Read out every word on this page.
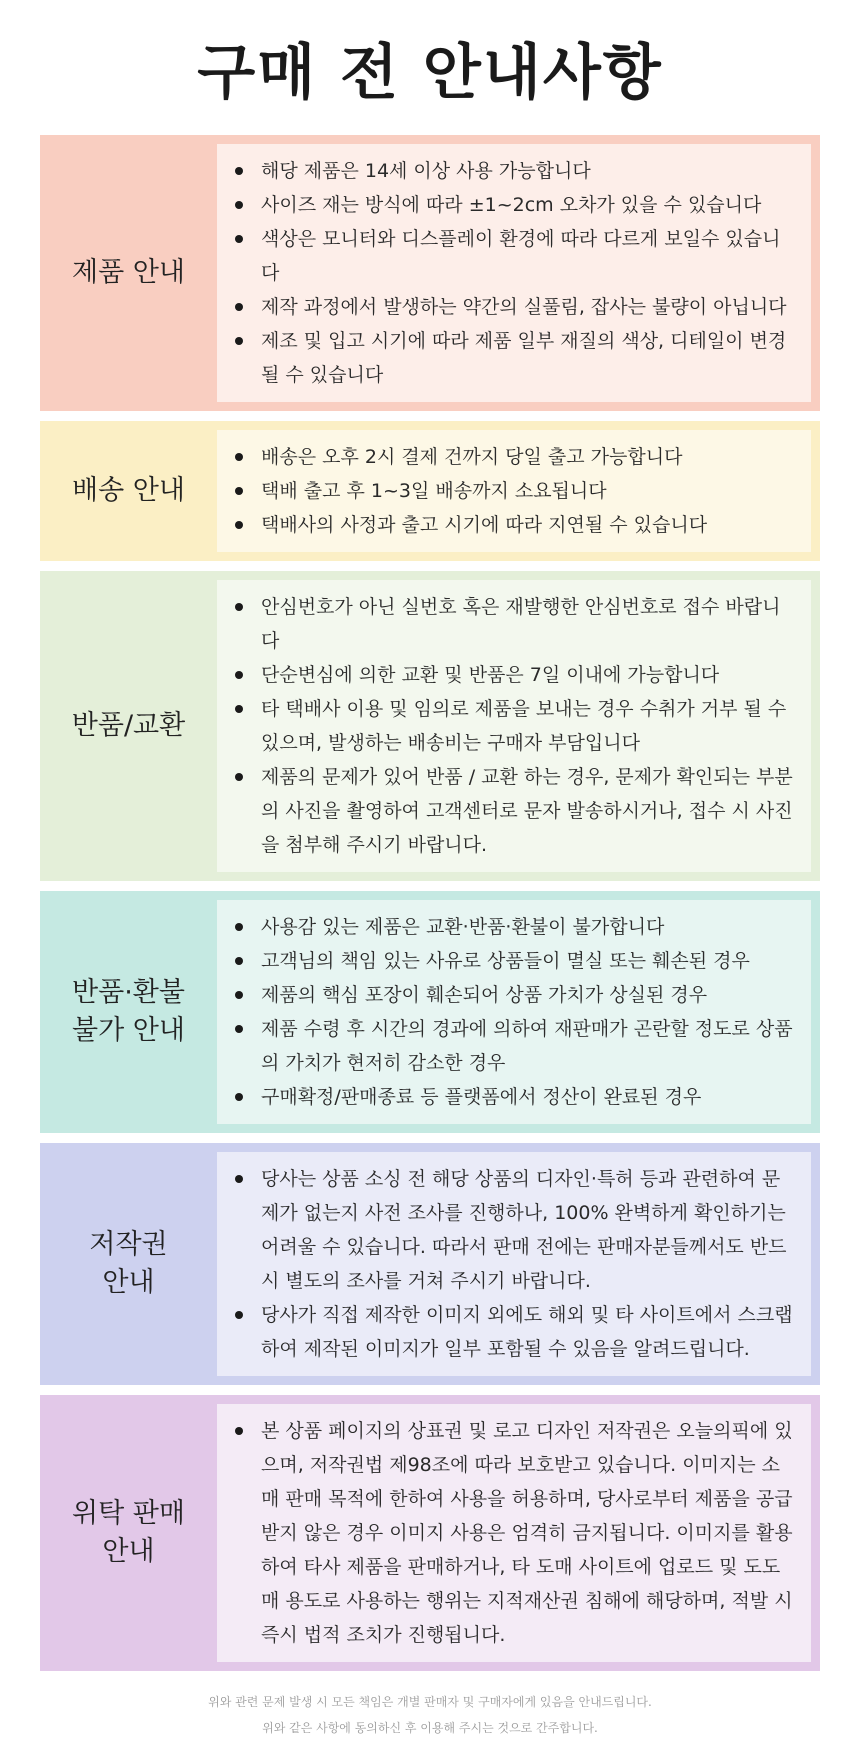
구매 전 안내사항
제품 안내
해당 제품은 14세 이상 사용 가능합니다
사이즈 재는 방식에 따라 ±1~2cm 오차가 있을 수 있습니다
색상은 모니터와 디스플레이 환경에 따라 다르게 보일수 있습니다
제작 과정에서 발생하는 약간의 실풀림, 잡사는 불량이 아닙니다
제조 및 입고 시기에 따라 제품 일부 재질의 색상, 디테일이 변경될 수 있습니다
배송 안내
배송은 오후 2시 결제 건까지 당일 출고 가능합니다
택배 출고 후 1~3일 배송까지 소요됩니다
택배사의 사정과 출고 시기에 따라 지연될 수 있습니다
반품/교환
안심번호가 아닌 실번호 혹은 재발행한 안심번호로 접수 바랍니다
단순변심에 의한 교환 및 반품은 7일 이내에 가능합니다
타 택배사 이용 및 임의로 제품을 보내는 경우 수취가 거부 될 수 있으며, 발생하는 배송비는 구매자 부담입니다
제품의 문제가 있어 반품 / 교환 하는 경우, 문제가 확인되는 부분의 사진을 촬영하여 고객센터로 문자 발송하시거나, 접수 시 사진을 첨부해 주시기 바랍니다.
반품·환불
불가 안내
사용감 있는 제품은 교환·반품·환불이 불가합니다
고객님의 책임 있는 사유로 상품들이 멸실 또는 훼손된 경우
제품의 핵심 포장이 훼손되어 상품 가치가 상실된 경우
제품 수령 후 시간의 경과에 의하여 재판매가 곤란할 정도로 상품의 가치가 현저히 감소한 경우
구매확정/판매종료 등 플랫폼에서 정산이 완료된 경우
저작권
안내
당사는 상품 소싱 전 해당 상품의 디자인·특허 등과 관련하여 문제가 없는지 사전 조사를 진행하나, 100% 완벽하게 확인하기는 어려울 수 있습니다. 따라서 판매 전에는 판매자분들께서도 반드시 별도의 조사를 거쳐 주시기 바랍니다.
당사가 직접 제작한 이미지 외에도 해외 및 타 사이트에서 스크랩하여 제작된 이미지가 일부 포함될 수 있음을 알려드립니다.
위탁 판매
안내
본 상품 페이지의 상표권 및 로고 디자인 저작권은 오늘의픽에 있으며, 저작권법 제98조에 따라 보호받고 있습니다. 이미지는 소매 판매 목적에 한하여 사용을 허용하며, 당사로부터 제품을 공급받지 않은 경우 이미지 사용은 엄격히 금지됩니다. 이미지를 활용하여 타사 제품을 판매하거나, 타 도매 사이트에 업로드 및 도도매 용도로 사용하는 행위는 지적재산권 침해에 해당하며, 적발 시 즉시 법적 조치가 진행됩니다.
위와 관련 문제 발생 시 모든 책임은 개별 판매자 및 구매자에게 있음을 안내드립니다.
위와 같은 사항에 동의하신 후 이용해 주시는 것으로 간주합니다.
